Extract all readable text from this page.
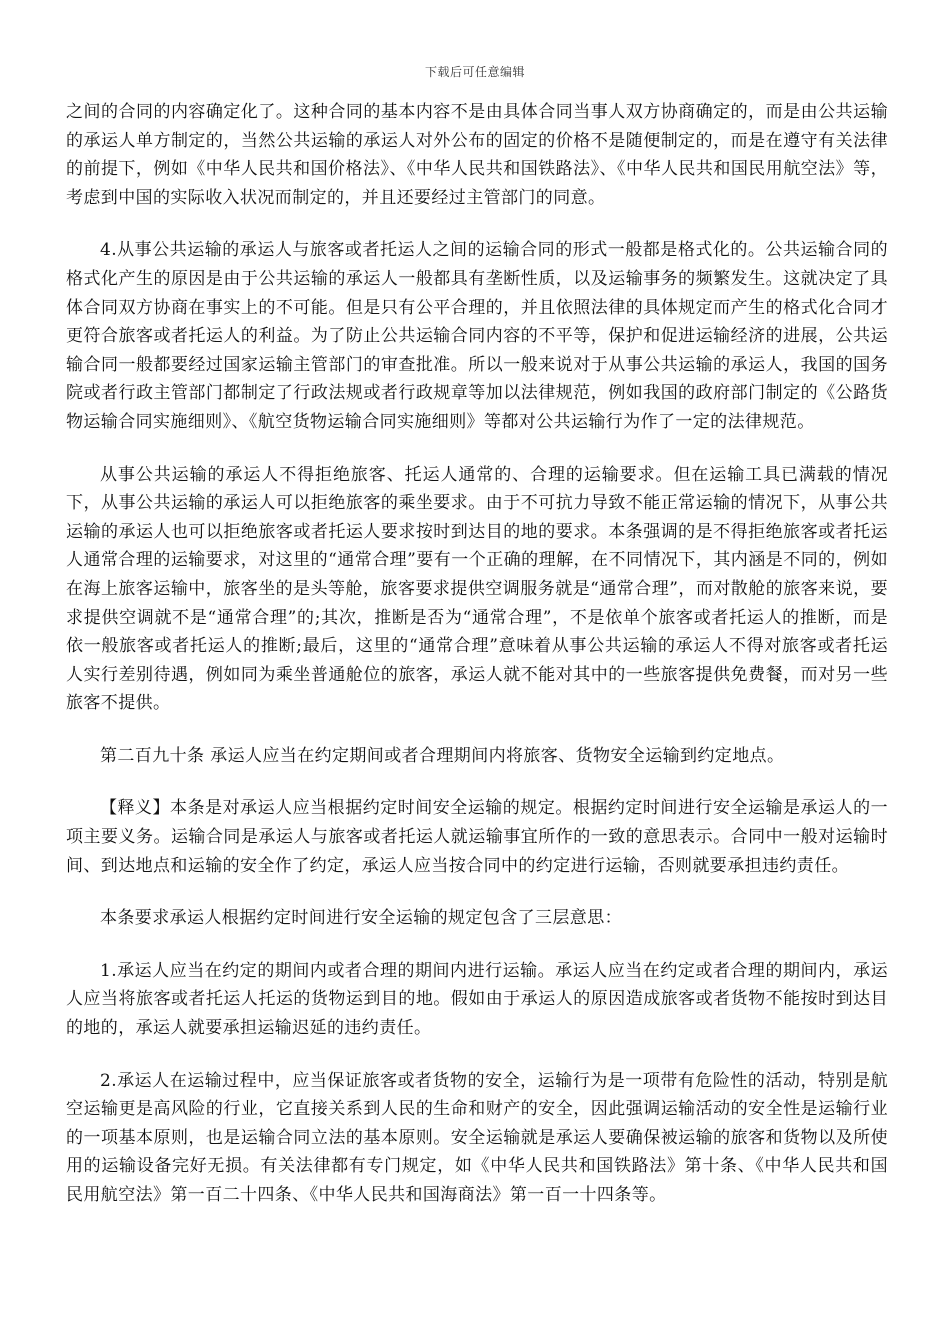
下载后可任意编辑

之间的合同的内容确定化了。这种合同的基本内容不是由具体合同当事人双方协商确定的，而是由公共运输的承运人单方制定的，当然公共运输的承运人对外公布的固定的价格不是随便制定的，而是在遵守有关法律的前提下，例如《中华人民共和国价格法》、《中华人民共和国铁路法》、《中华人民共和国民用航空法》等，考虑到中国的实际收入状况而制定的，并且还要经过主管部门的同意。

4.从事公共运输的承运人与旅客或者托运人之间的运输合同的形式一般都是格式化的。公共运输合同的格式化产生的原因是由于公共运输的承运人一般都具有垄断性质，以及运输事务的频繁发生。这就决定了具体合同双方协商在事实上的不可能。但是只有公平合理的，并且依照法律的具体规定而产生的格式化合同才更符合旅客或者托运人的利益。为了防止公共运输合同内容的不平等，保护和促进运输经济的进展，公共运输合同一般都要经过国家运输主管部门的审查批准。所以一般来说对于从事公共运输的承运人，我国的国务院或者行政主管部门都制定了行政法规或者行政规章等加以法律规范，例如我国的政府部门制定的《公路货物运输合同实施细则》、《航空货物运输合同实施细则》等都对公共运输行为作了一定的法律规范。

从事公共运输的承运人不得拒绝旅客、托运人通常的、合理的运输要求。但在运输工具已满载的情况下，从事公共运输的承运人可以拒绝旅客的乘坐要求。由于不可抗力导致不能正常运输的情况下，从事公共运输的承运人也可以拒绝旅客或者托运人要求按时到达目的地的要求。本条强调的是不得拒绝旅客或者托运人通常合理的运输要求，对这里的“通常合理”要有一个正确的理解，在不同情况下，其内涵是不同的，例如在海上旅客运输中，旅客坐的是头等舱，旅客要求提供空调服务就是“通常合理”，而对散舱的旅客来说，要求提供空调就不是“通常合理”的;其次，推断是否为“通常合理”，不是依单个旅客或者托运人的推断，而是依一般旅客或者托运人的推断;最后，这里的“通常合理”意味着从事公共运输的承运人不得对旅客或者托运人实行差别待遇，例如同为乘坐普通舱位的旅客，承运人就不能对其中的一些旅客提供免费餐，而对另一些旅客不提供。

第二百九十条 承运人应当在约定期间或者合理期间内将旅客、货物安全运输到约定地点。

【释义】本条是对承运人应当根据约定时间安全运输的规定。根据约定时间进行安全运输是承运人的一项主要义务。运输合同是承运人与旅客或者托运人就运输事宜所作的一致的意思表示。合同中一般对运输时间、到达地点和运输的安全作了约定，承运人应当按合同中的约定进行运输，否则就要承担违约责任。

本条要求承运人根据约定时间进行安全运输的规定包含了三层意思：

1.承运人应当在约定的期间内或者合理的期间内进行运输。承运人应当在约定或者合理的期间内，承运人应当将旅客或者托运人托运的货物运到目的地。假如由于承运人的原因造成旅客或者货物不能按时到达目的地的，承运人就要承担运输迟延的违约责任。

2.承运人在运输过程中，应当保证旅客或者货物的安全，运输行为是一项带有危险性的活动，特别是航空运输更是高风险的行业，它直接关系到人民的生命和财产的安全，因此强调运输活动的安全性是运输行业的一项基本原则，也是运输合同立法的基本原则。安全运输就是承运人要确保被运输的旅客和货物以及所使用的运输设备完好无损。有关法律都有专门规定，如《中华人民共和国铁路法》第十条、《中华人民共和国民用航空法》第一百二十四条、《中华人民共和国海商法》第一百一十四条等。
